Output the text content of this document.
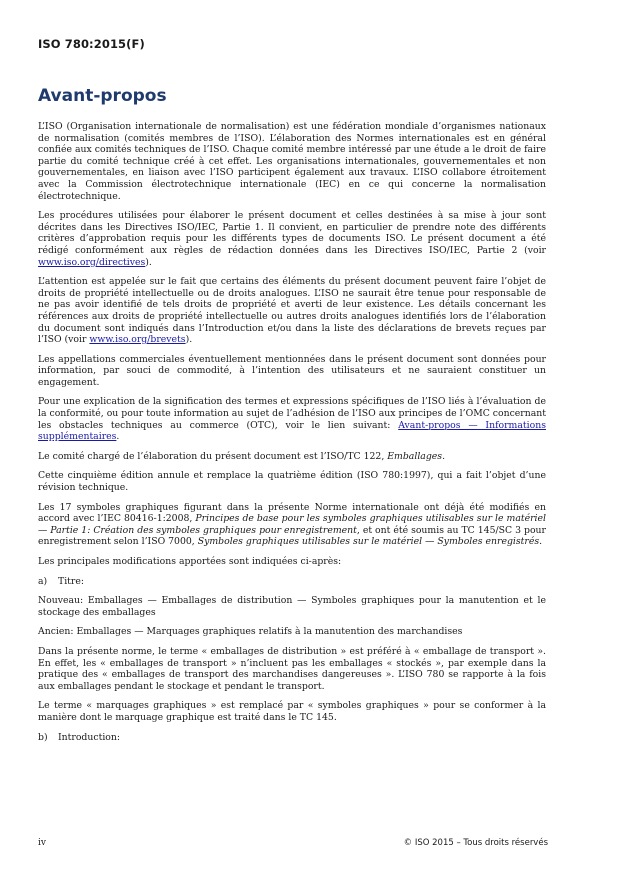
ISO 780:2015(F)
Avant-propos

L’ISO (Organisation internationale de normalisation) est une fédération mondiale d’organismes nationaux de normalisation (comités membres de l’ISO). L’élaboration des Normes internationales est en général confiée aux comités techniques de l’ISO. Chaque comité membre intéressé par une étude a le droit de faire partie du comité technique créé à cet effet. Les organisations internationales, gouvernementales et non gouvernementales, en liaison avec l’ISO participent également aux travaux. L’ISO collabore étroitement avec la Commission électrotechnique internationale (IEC) en ce qui concerne la normalisation électrotechnique.

Les procédures utilisées pour élaborer le présent document et celles destinées à sa mise à jour sont décrites dans les Directives ISO/IEC, Partie 1. Il convient, en particulier de prendre note des différents critères d’approbation requis pour les différents types de documents ISO. Le présent document a été rédigé conformément aux règles de rédaction données dans les Directives ISO/IEC, Partie 2 (voir www.iso.org/directives).

L’attention est appelée sur le fait que certains des éléments du présent document peuvent faire l’objet de droits de propriété intellectuelle ou de droits analogues. L’ISO ne saurait être tenue pour responsable de ne pas avoir identifié de tels droits de propriété et averti de leur existence. Les détails concernant les références aux droits de propriété intellectuelle ou autres droits analogues identifiés lors de l’élaboration du document sont indiqués dans l’Introduction et/ou dans la liste des déclarations de brevets reçues par l’ISO (voir www.iso.org/brevets).

Les appellations commerciales éventuellement mentionnées dans le présent document sont données pour information, par souci de commodité, à l’intention des utilisateurs et ne sauraient constituer un engagement.

Pour une explication de la signification des termes et expressions spécifiques de l’ISO liés à l’évaluation de la conformité, ou pour toute information au sujet de l’adhésion de l’ISO aux principes de l’OMC concernant les obstacles techniques au commerce (OTC), voir le lien suivant: Avant-propos — Informations supplémentaires.

Le comité chargé de l’élaboration du présent document est l’ISO/TC 122, Emballages.

Cette cinquième édition annule et remplace la quatrième édition (ISO 780:1997), qui a fait l’objet d’une révision technique.

Les 17 symboles graphiques figurant dans la présente Norme internationale ont déjà été modifiés en accord avec l’IEC 80416-1:2008, Principes de base pour les symboles graphiques utilisables sur le matériel — Partie 1: Création des symboles graphiques pour enregistrement, et ont été soumis au TC 145/SC 3 pour enregistrement selon l’ISO 7000, Symboles graphiques utilisables sur le matériel — Symboles enregistrés.

Les principales modifications apportées sont indiquées ci-après:

a) Titre:

Nouveau: Emballages — Emballages de distribution — Symboles graphiques pour la manutention et le stockage des emballages

Ancien: Emballages — Marquages graphiques relatifs à la manutention des marchandises

Dans la présente norme, le terme « emballages de distribution » est préféré à « emballage de transport ». En effet, les « emballages de transport » n’incluent pas les emballages « stockés », par exemple dans la pratique des « emballages de transport des marchandises dangereuses ». L’ISO 780 se rapporte à la fois aux emballages pendant le stockage et pendant le transport.

Le terme « marquages graphiques » est remplacé par « symboles graphiques » pour se conformer à la manière dont le marquage graphique est traité dans le TC 145.

b) Introduction:

iv	© ISO 2015 – Tous droits réservés
